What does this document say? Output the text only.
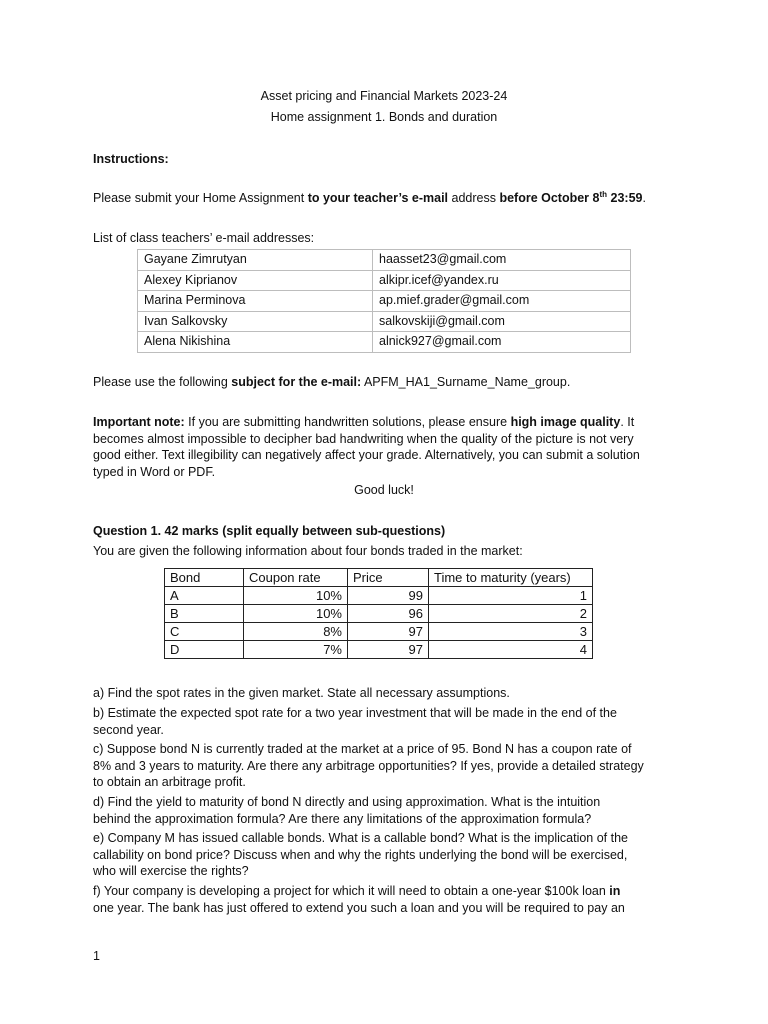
Asset pricing and Financial Markets 2023-24
Home assignment 1. Bonds and duration
Instructions:
Please submit your Home Assignment to your teacher’s e-mail address before October 8th 23:59.
List of class teachers’ e-mail addresses:
Gayane Zimrutyan	haasset23@gmail.com
Alexey Kiprianov	alkipr.icef@yandex.ru
Marina Perminova	ap.mief.grader@gmail.com
Ivan Salkovsky	salkovskiji@gmail.com
Alena Nikishina	alnick927@gmail.com
Please use the following subject for the e-mail: APFM_HA1_Surname_Name_group.
Important note: If you are submitting handwritten solutions, please ensure high image quality. It
becomes almost impossible to decipher bad handwriting when the quality of the picture is not very
good either. Text illegibility can negatively affect your grade. Alternatively, you can submit a solution
typed in Word or PDF.
Good luck!
Question 1. 42 marks (split equally between sub-questions)
You are given the following information about four bonds traded in the market:
Bond	Coupon rate	Price	Time to maturity (years)
A	10%	99	1
B	10%	96	2
C	8%	97	3
D	7%	97	4
a) Find the spot rates in the given market. State all necessary assumptions.
b) Estimate the expected spot rate for a two year investment that will be made in the end of the
second year.
c) Suppose bond N is currently traded at the market at a price of 95. Bond N has a coupon rate of
8% and 3 years to maturity. Are there any arbitrage opportunities? If yes, provide a detailed strategy
to obtain an arbitrage profit.
d) Find the yield to maturity of bond N directly and using approximation. What is the intuition
behind the approximation formula? Are there any limitations of the approximation formula?
e) Company M has issued callable bonds. What is a callable bond? What is the implication of the
callability on bond price? Discuss when and why the rights underlying the bond will be exercised,
who will exercise the rights?
f) Your company is developing a project for which it will need to obtain a one-year $100k loan in
one year. The bank has just offered to extend you such a loan and you will be required to pay an
1
